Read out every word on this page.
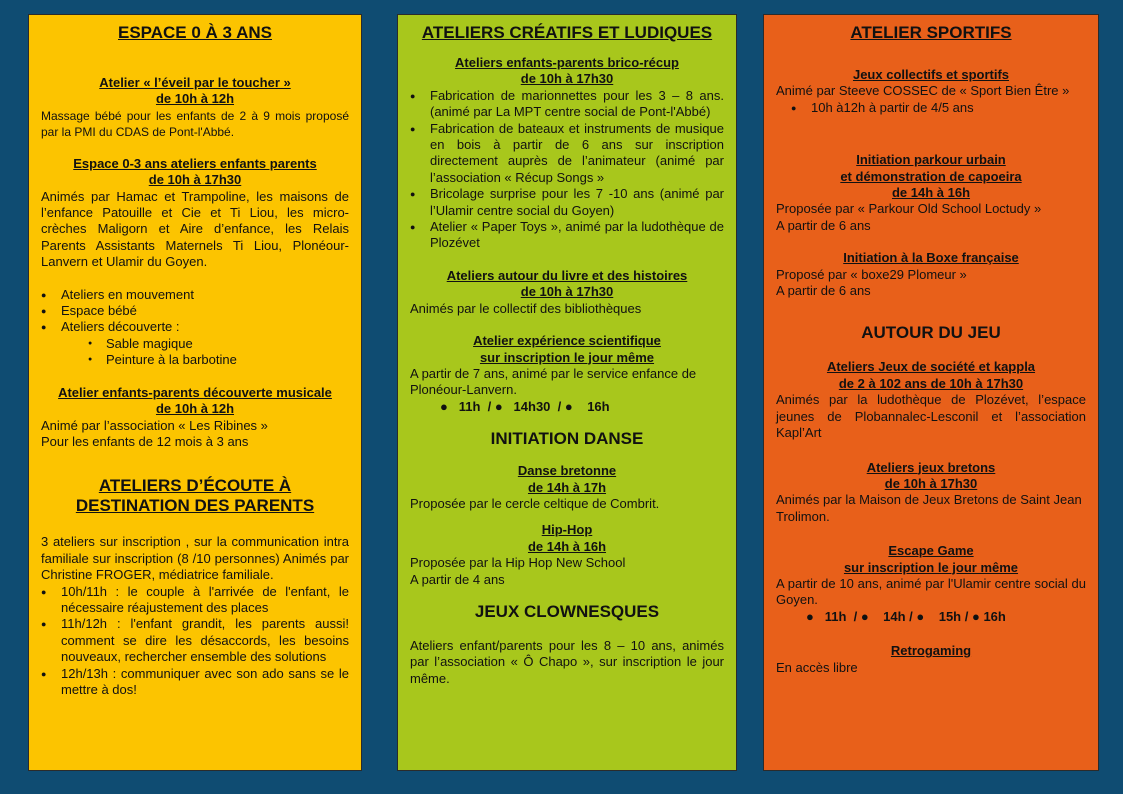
ESPACE 0 À 3 ANS

Atelier « l’éveil par le toucher »

de 10h à 12h

Massage bébé pour les enfants de 2 à 9 mois proposé par la PMI du CDAS de Pont-l'Abbé.

Espace 0-3 ans ateliers enfants parents

de 10h à 17h30

Animés par Hamac et Trampoline, les maisons de l’enfance Patouille et Cie et Ti Liou, les micro-crèches Maligorn et Aire d’enfance, les Relais Parents Assistants Maternels Ti Liou, Plonéour-Lanvern et Ulamir du Goyen.

● Ateliers en mouvement
● Espace bébé
● Ateliers découverte :
● Sable magique
● Peinture à la barbotine

Atelier enfants-parents découverte musicale

de 10h à 12h

Animé par l’association « Les Ribines »

Pour les enfants de 12 mois à 3 ans

ATELIERS D’ÉCOUTE À
DESTINATION DES PARENTS

3 ateliers sur inscription , sur la communication intra familiale sur inscription (8 /10 personnes) Animés par Christine FROGER, médiatrice familiale.

● 10h/11h : le couple à l'arrivée de l'enfant, le nécessaire réajustement des places
● 11h/12h : l'enfant grandit, les parents aussi! comment se dire les désaccords, les besoins nouveaux, rechercher ensemble des solutions
● 12h/13h : communiquer avec son ado sans se le mettre à dos!
ATELIERS CRÉATIFS ET LUDIQUES

Ateliers enfants-parents brico-récup

de 10h à 17h30

● Fabrication de marionnettes pour les 3 – 8 ans. (animé par La MPT centre social de Pont-l'Abbé)
● Fabrication de bateaux et instruments de musique en bois à partir de 6 ans sur inscription directement auprès de l’animateur (animé par l’association « Récup Songs »
● Bricolage surprise pour les 7 -10 ans (animé par l’Ulamir centre social du Goyen)
● Atelier « Paper Toys », animé par la ludothèque de Plozévet

Ateliers autour du livre et des histoires

de 10h à 17h30

Animés par le collectif des bibliothèques

Atelier expérience scientifique

sur inscription le jour même

A partir de 7 ans, animé par le service enfance de Plonéour-Lanvern.

● 11h  / ● 14h30  / ● 16h

INITIATION DANSE

Danse bretonne

de 14h à 17h

Proposée par le cercle celtique de Combrit.

Hip-Hop

de 14h à 16h

Proposée par la Hip Hop New School

A partir de 4 ans

JEUX CLOWNESQUES

Ateliers enfant/parents pour les 8 – 10 ans, animés par l’association « Ô Chapo », sur inscription le jour même.

ATELIER SPORTIFS

Jeux collectifs et sportifs

Animé par Steeve COSSEC de « Sport Bien Être »

● 10h à12h à partir de 4/5 ans

Initiation parkour urbain

et démonstration de capoeira

de 14h à 16h

Proposée par « Parkour Old School Loctudy »

A partir de 6 ans

Initiation à la Boxe française

Proposé par « boxe29 Plomeur »

A partir de 6 ans

AUTOUR DU JEU

Ateliers Jeux de société et kappla

de 2 à 102 ans de 10h à 17h30

Animés par la ludothèque de Plozévet, l’espace jeunes de Plobannalec-Lesconil et l’association Kapl’Art

Ateliers jeux bretons

de 10h à 17h30

Animés par la Maison de Jeux Bretons de Saint Jean Trolimon.

Escape Game

sur inscription le jour même

A partir de 10 ans, animé par l'Ulamir centre social du Goyen.

● 11h  / ● 14h / ● 15h / ● 16h

Retrogaming

En accès libre
